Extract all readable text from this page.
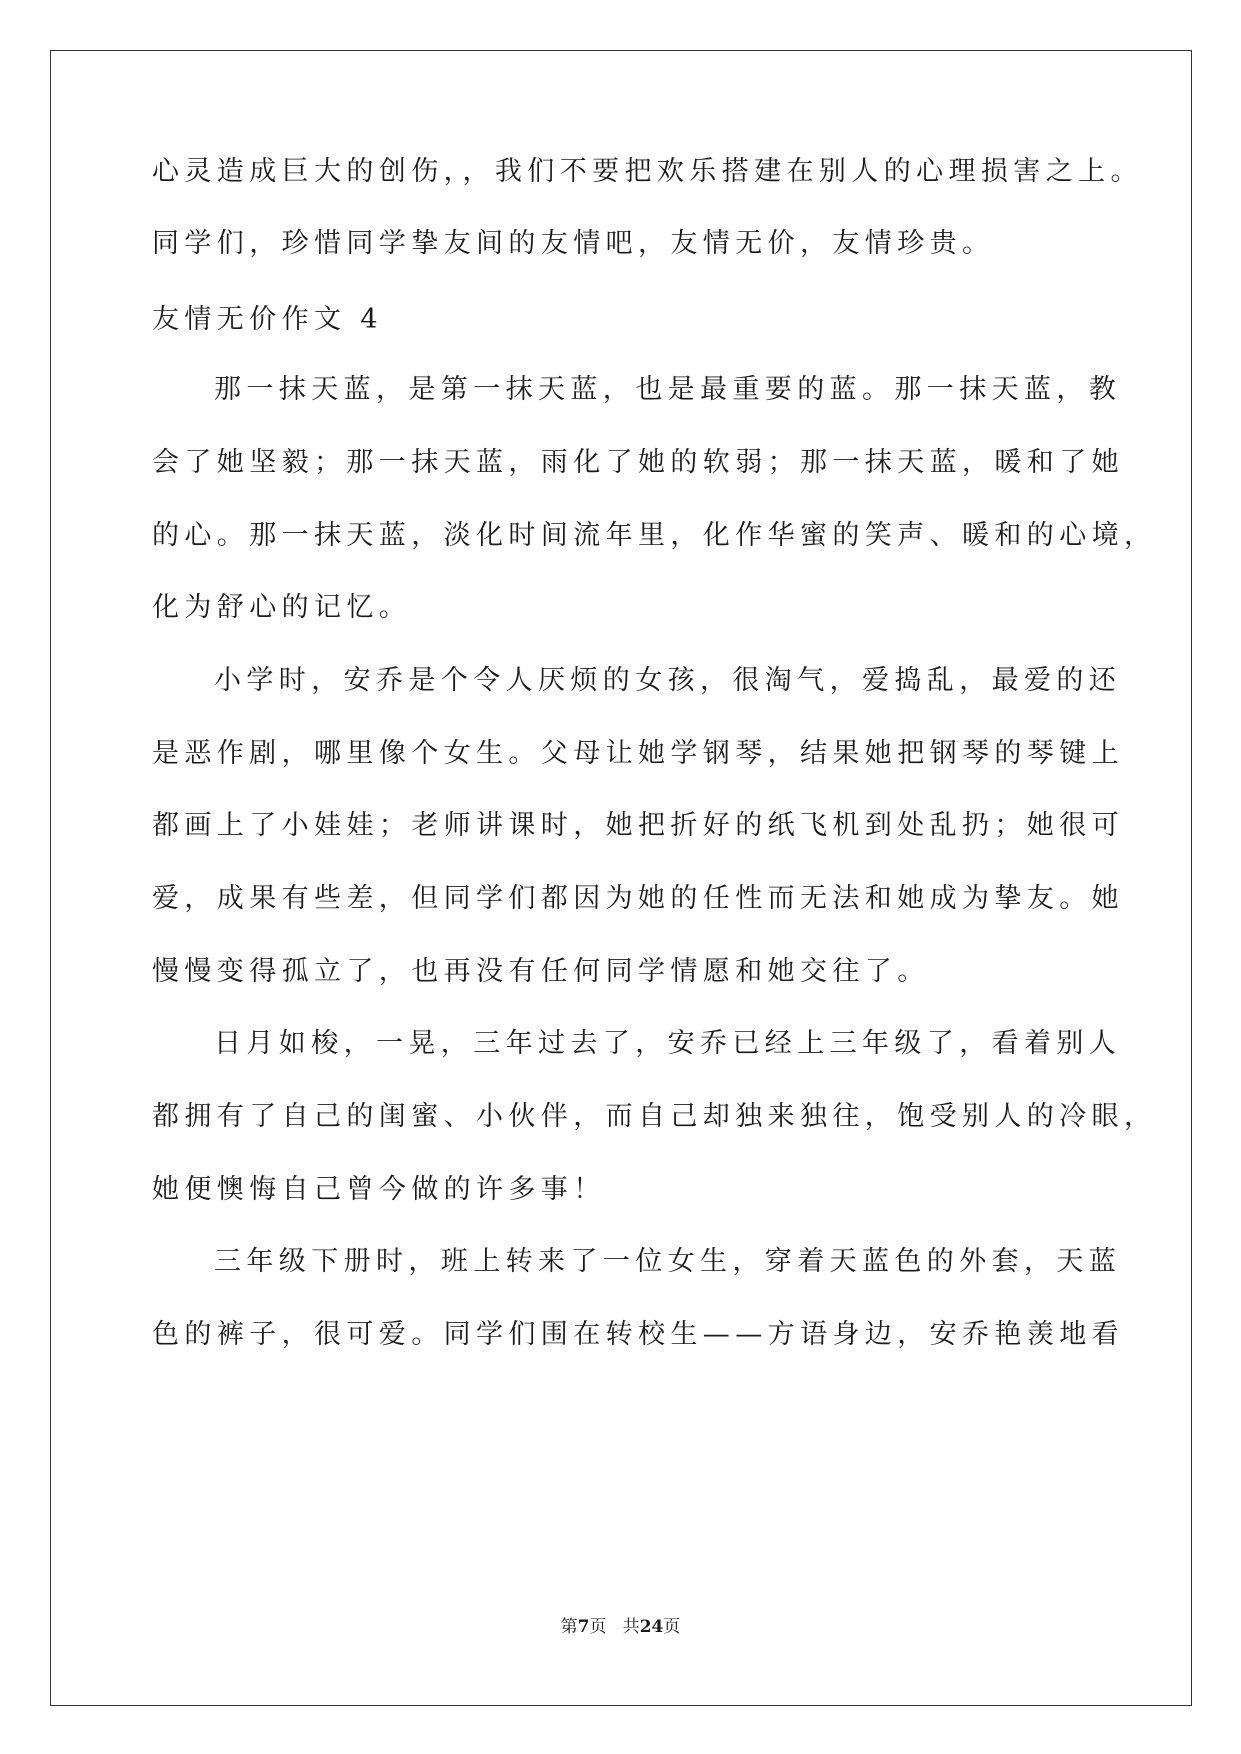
心灵造成巨大的创伤，，我们不要把欢乐搭建在别人的心理损害之上。

同学们，珍惜同学挚友间的友情吧，友情无价，友情珍贵。

友情无价作文 4

那一抹天蓝，是第一抹天蓝，也是最重要的蓝。那一抹天蓝，教

会了她坚毅；那一抹天蓝，雨化了她的软弱；那一抹天蓝，暖和了她

的心。那一抹天蓝，淡化时间流年里，化作华蜜的笑声、暖和的心境，

化为舒心的记忆。

小学时，安乔是个令人厌烦的女孩，很淘气，爱捣乱，最爱的还

是恶作剧，哪里像个女生。父母让她学钢琴，结果她把钢琴的琴键上

都画上了小娃娃；老师讲课时，她把折好的纸飞机到处乱扔；她很可

爱，成果有些差，但同学们都因为她的任性而无法和她成为挚友。她

慢慢变得孤立了，也再没有任何同学情愿和她交往了。

日月如梭，一晃，三年过去了，安乔已经上三年级了，看着别人

都拥有了自己的闺蜜、小伙伴，而自己却独来独往，饱受别人的冷眼，

她便懊悔自己曾今做的许多事！

三年级下册时，班上转来了一位女生，穿着天蓝色的外套，天蓝

色的裤子，很可爱。同学们围在转校生——方语身边，安乔艳羡地看

第7页   共24页
